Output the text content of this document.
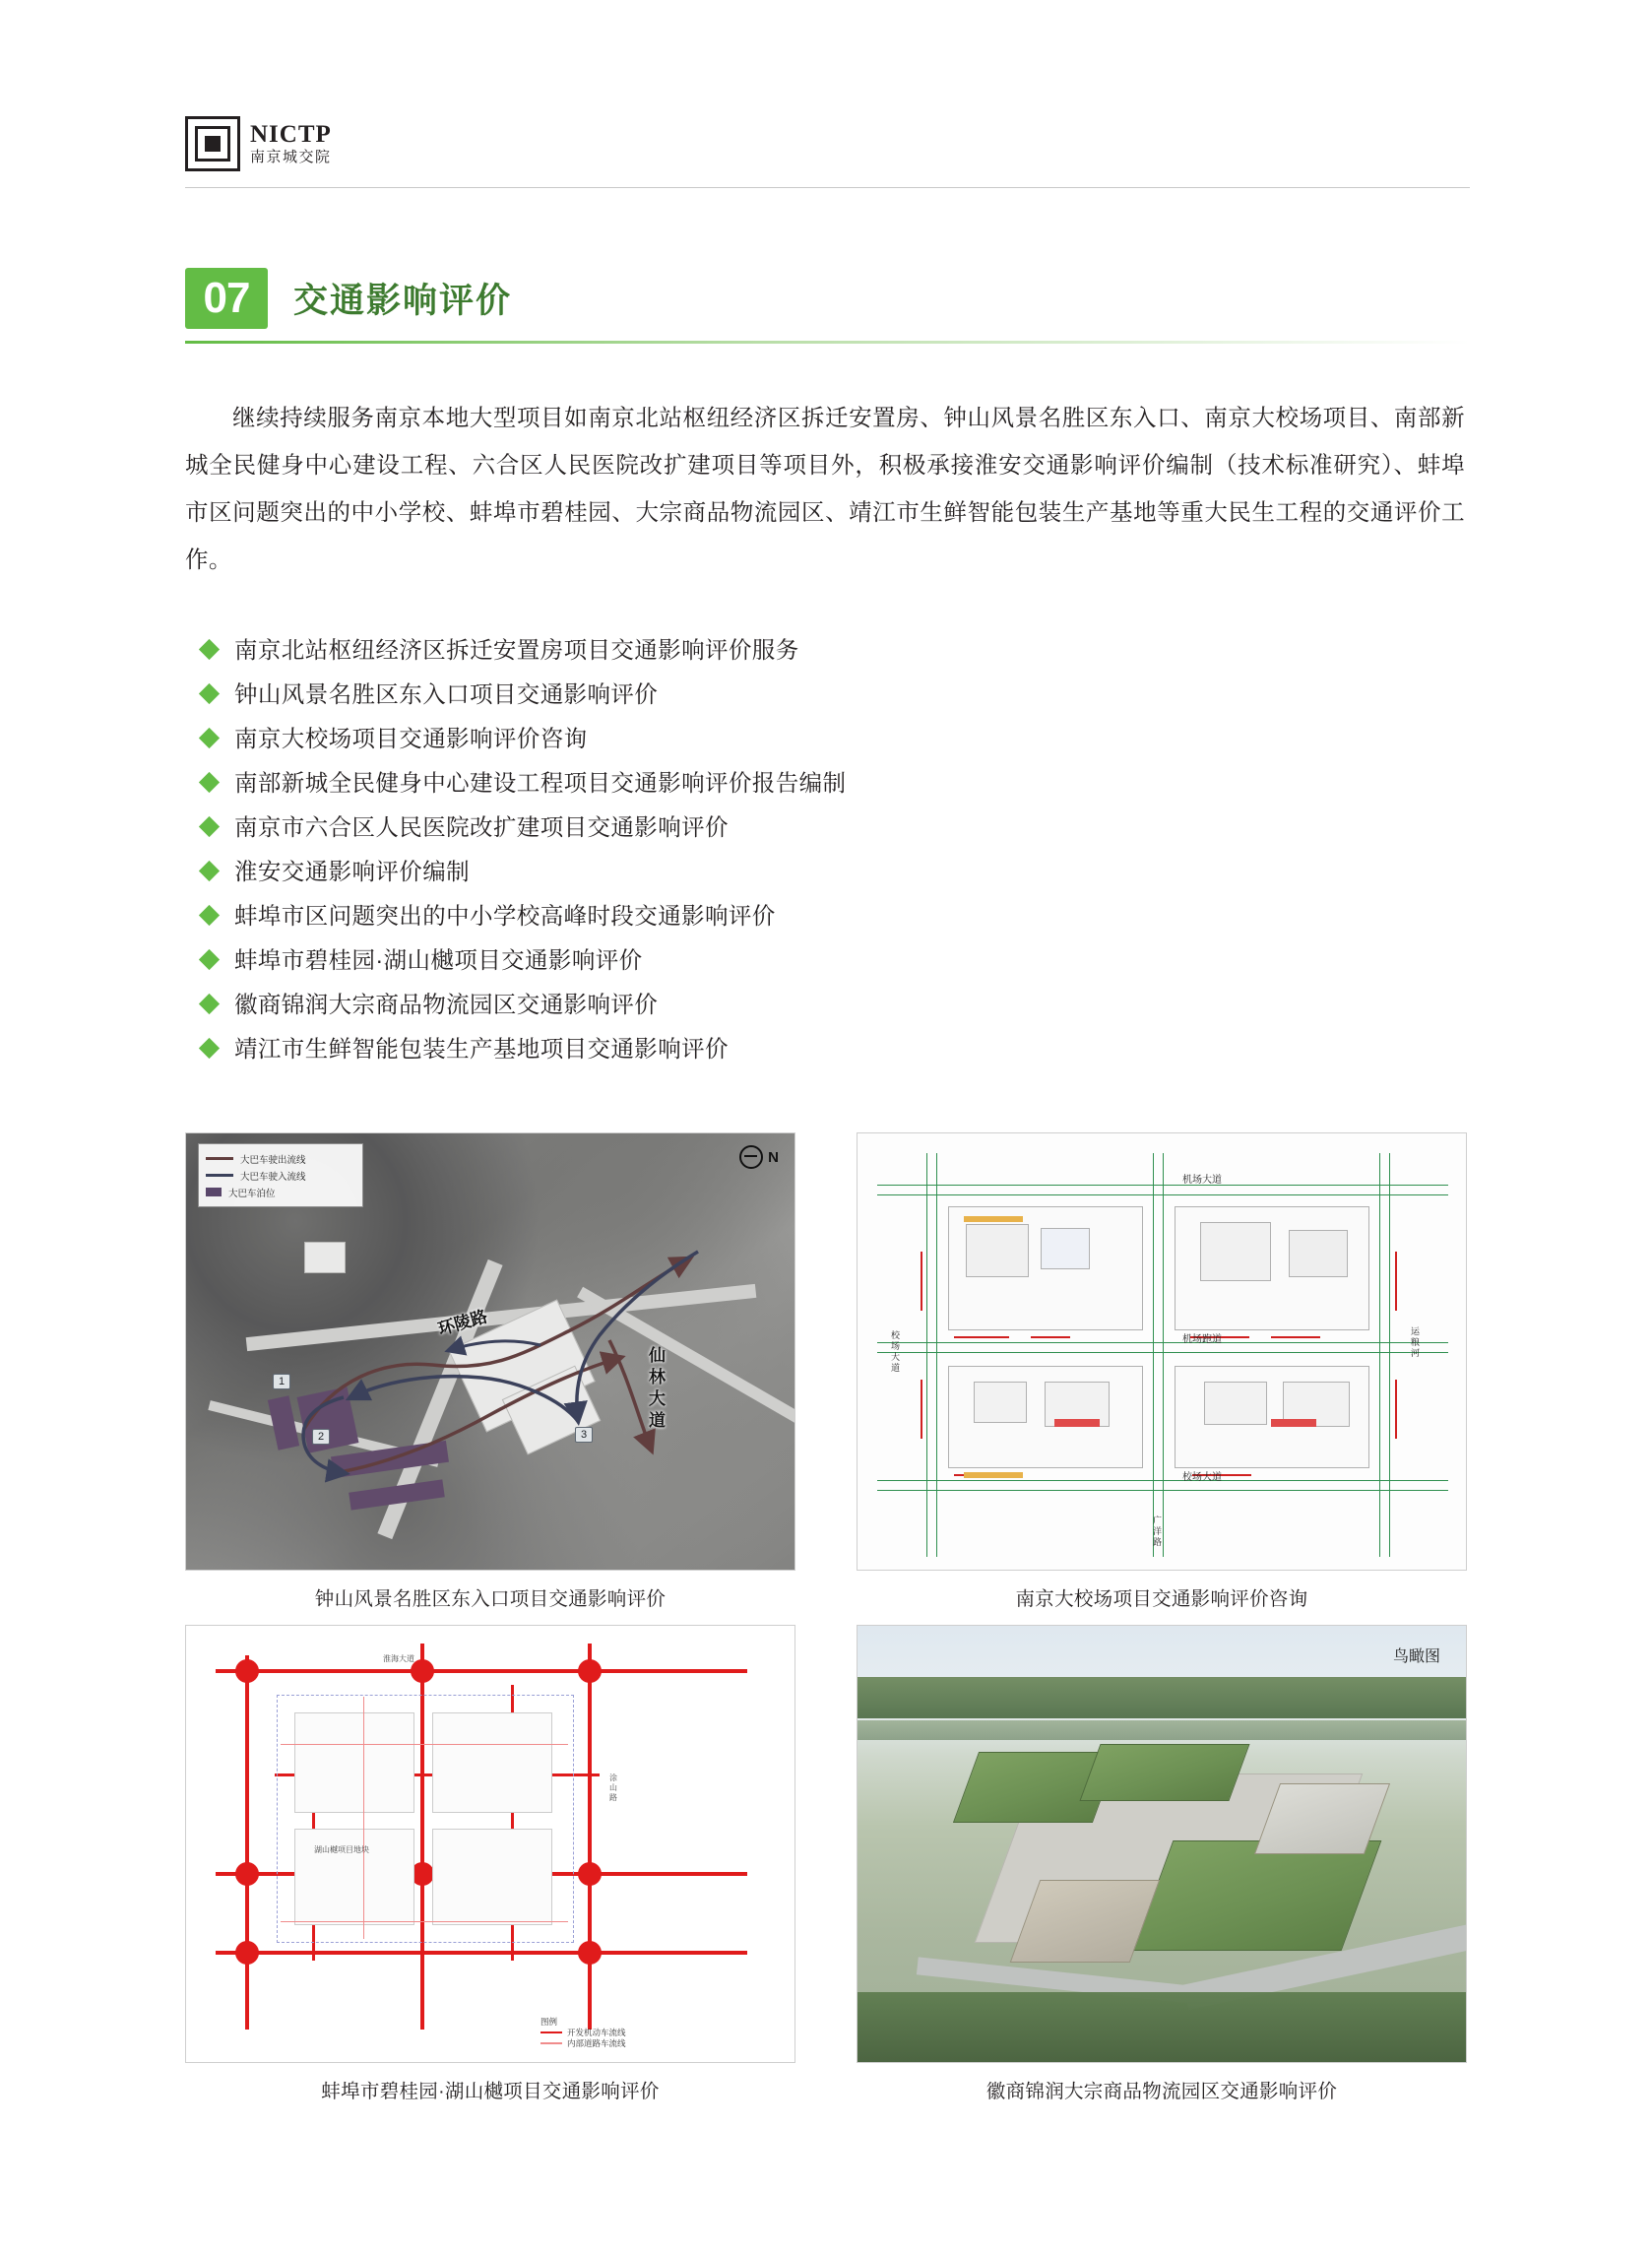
NICTP
南京城交院
07	交通影响评价
继续持续服务南京本地大型项目如南京北站枢纽经济区拆迁安置房、钟山风景名胜区东入口、南京大校场项目、南部新城全民健身中心建设工程、六合区人民医院改扩建项目等项目外，积极承接淮安交通影响评价编制（技术标准研究）、蚌埠市区问题突出的中小学校、蚌埠市碧桂园、大宗商品物流园区、靖江市生鲜智能包装生产基地等重大民生工程的交通评价工作。
南京北站枢纽经济区拆迁安置房项目交通影响评价服务
钟山风景名胜区东入口项目交通影响评价
南京大校场项目交通影响评价咨询
南部新城全民健身中心建设工程项目交通影响评价报告编制
南京市六合区人民医院改扩建项目交通影响评价
淮安交通影响评价编制
蚌埠市区问题突出的中小学校高峰时段交通影响评价
蚌埠市碧桂园·湖山樾项目交通影响评价
徽商锦润大宗商品物流园区交通影响评价
靖江市生鲜智能包装生产基地项目交通影响评价
大巴车驶出流线
大巴车驶入流线
大巴车泊位
N
环陵路
仙林大道
1
2	3
钟山风景名胜区东入口项目交通影响评价
机场大道
机场跑道
校场大道
校场大道
运粮河
广洋路
南京大校场项目交通影响评价咨询
淮海大道
涂山路
湖山樾项目地块
图例
开发机动车流线
内部道路车流线
蚌埠市碧桂园·湖山樾项目交通影响评价
鸟瞰图
徽商锦润大宗商品物流园区交通影响评价
